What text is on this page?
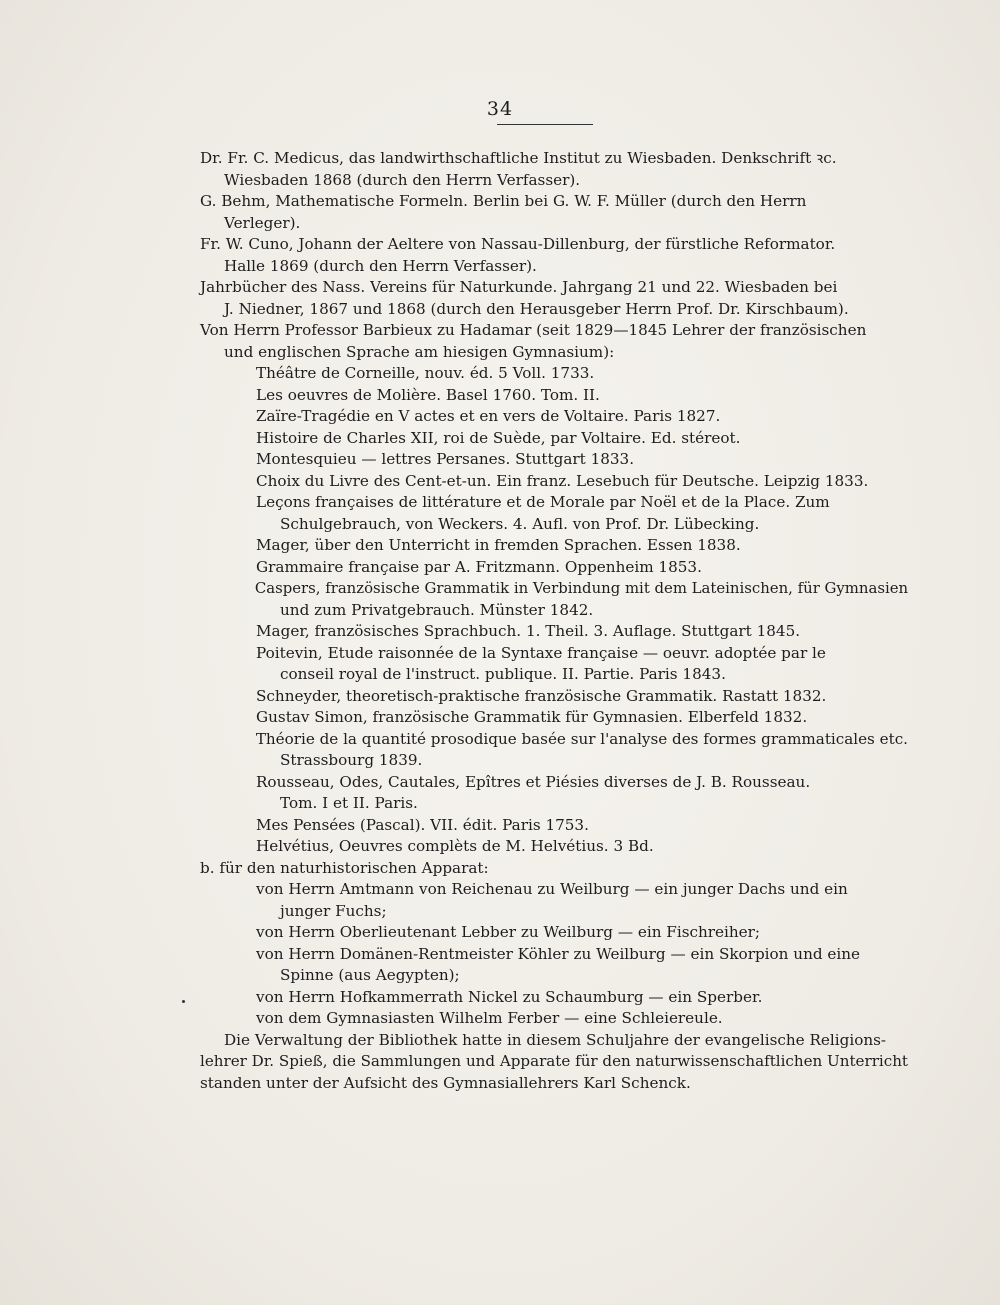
34
Dr. Fr. C. Medicus, das landwirthschaftliche Institut zu Wiesbaden. Denkschrift ꝛc.
Wiesbaden 1868 (durch den Herrn Verfasser).
G. Behm, Mathematische Formeln. Berlin bei G. W. F. Müller (durch den Herrn
Verleger).
Fr. W. Cuno, Johann der Aeltere von Nassau-Dillenburg, der fürstliche Reformator.
Halle 1869 (durch den Herrn Verfasser).
Jahrbücher des Nass. Vereins für Naturkunde. Jahrgang 21 und 22. Wiesbaden bei
J. Niedner, 1867 und 1868 (durch den Herausgeber Herrn Prof. Dr. Kirschbaum).
Von Herrn Professor Barbieux zu Hadamar (seit 1829—1845 Lehrer der französischen
und englischen Sprache am hiesigen Gymnasium):
Théâtre de Corneille, nouv. éd. 5 Voll. 1733.
Les oeuvres de Molière. Basel 1760. Tom. II.
Zaïre-Tragédie en V actes et en vers de Voltaire. Paris 1827.
Histoire de Charles XII, roi de Suède, par Voltaire. Ed. stéreot.
Montesquieu — lettres Persanes. Stuttgart 1833.
Choix du Livre des Cent-et-un. Ein franz. Lesebuch für Deutsche. Leipzig 1833.
Leçons françaises de littérature et de Morale par Noël et de la Place. Zum
Schulgebrauch, von Weckers. 4. Aufl. von Prof. Dr. Lübecking.
Mager, über den Unterricht in fremden Sprachen. Essen 1838.
Grammaire française par A. Fritzmann. Oppenheim 1853.
Caspers, französische Grammatik in Verbindung mit dem Lateinischen, für Gymnasien
und zum Privatgebrauch. Münster 1842.
Mager, französisches Sprachbuch. 1. Theil. 3. Auflage. Stuttgart 1845.
Poitevin, Etude raisonnée de la Syntaxe française — oeuvr. adoptée par le
conseil royal de l'instruct. publique. II. Partie. Paris 1843.
Schneyder, theoretisch-praktische französische Grammatik. Rastatt 1832.
Gustav Simon, französische Grammatik für Gymnasien. Elberfeld 1832.
Théorie de la quantité prosodique basée sur l'analyse des formes grammaticales etc.
Strassbourg 1839.
Rousseau, Odes, Cautales, Epîtres et Piésies diverses de J. B. Rousseau.
Tom. I et II. Paris.
Mes Pensées (Pascal). VII. édit. Paris 1753.
Helvétius, Oeuvres complèts de M. Helvétius. 3 Bd.
b. für den naturhistorischen Apparat:
von Herrn Amtmann von Reichenau zu Weilburg — ein junger Dachs und ein
junger Fuchs;
von Herrn Oberlieutenant Lebber zu Weilburg — ein Fischreiher;
von Herrn Domänen-Rentmeister Köhler zu Weilburg — ein Skorpion und eine
Spinne (aus Aegypten);
von Herrn Hofkammerrath Nickel zu Schaumburg — ein Sperber.
von dem Gymnasiasten Wilhelm Ferber — eine Schleiereule.
Die Verwaltung der Bibliothek hatte in diesem Schuljahre der evangelische Religions-
lehrer Dr. Spieß, die Sammlungen und Apparate für den naturwissenschaftlichen Unterricht
standen unter der Aufsicht des Gymnasiallehrers Karl Schenck.
